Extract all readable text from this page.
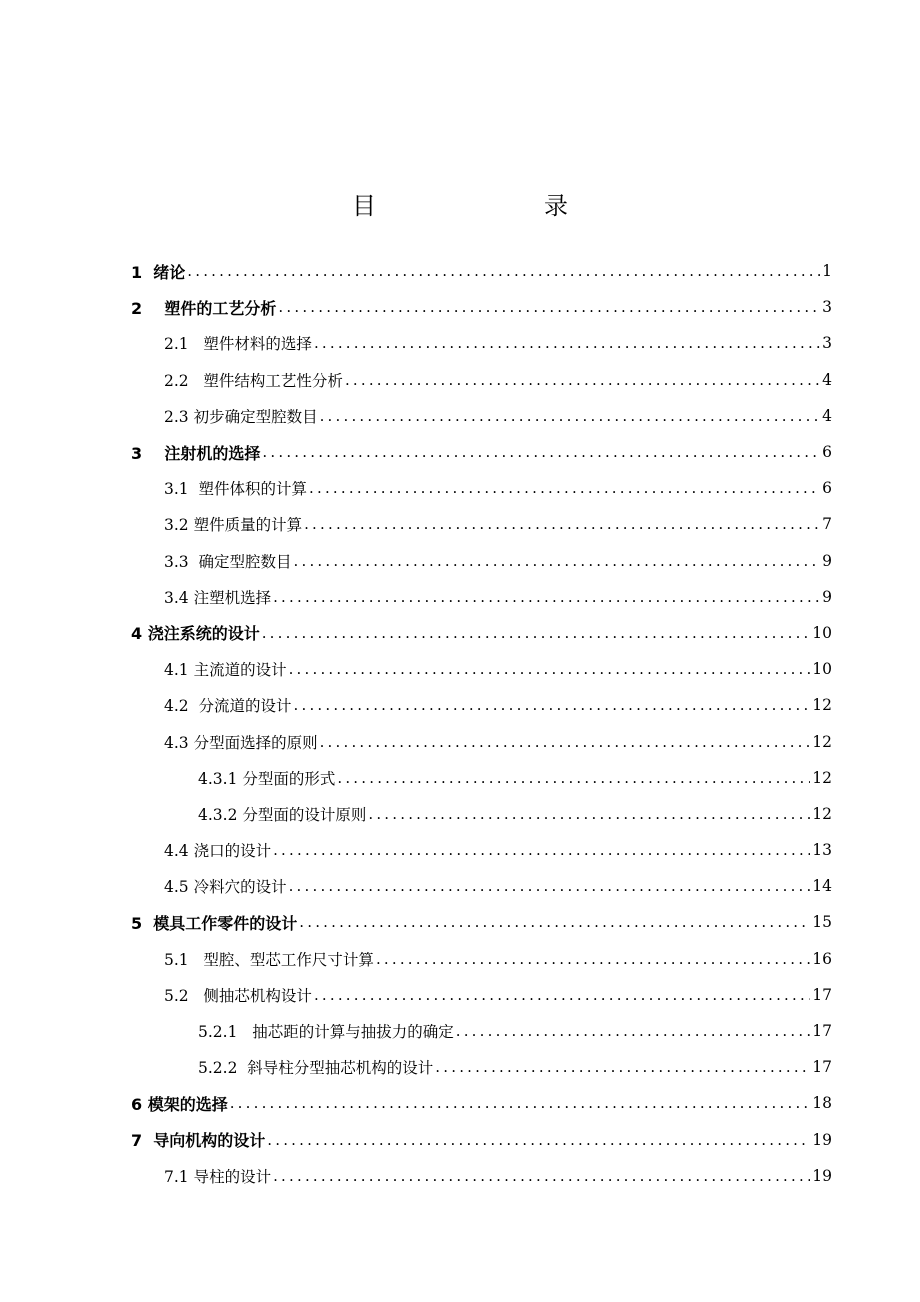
目　　录
1  绪论 .....	1
2    塑件的工艺分析 .....	3
2.1   塑件材料的选择 .....	3
2.2   塑件结构工艺性分析 .....	4
2.3 初步确定型腔数目 .....	4
3    注射机的选择 .....	6
3.1  塑件体积的计算 .....	6
3.2 塑件质量的计算 .....	7
3.3  确定型腔数目 .....	9
3.4 注塑机选择 .....	9
4 浇注系统的设计 .....	10
4.1 主流道的设计 .....	10
4.2  分流道的设计 .....	12
4.3 分型面选择的原则 .....	12
4.3.1 分型面的形式 .....	12
4.3.2 分型面的设计原则 .....	12
4.4 浇口的设计 .....	13
4.5 冷料穴的设计 .....	14
5  模具工作零件的设计 .....	15
5.1   型腔、型芯工作尺寸计算 .....	16
5.2   侧抽芯机构设计 .....	17
5.2.1   抽芯距的计算与抽拔力的确定 .....	17
5.2.2  斜导柱分型抽芯机构的设计 .....	17
6 模架的选择 .....	18
7  导向机构的设计 .....	19
7.1 导柱的设计 .....	19
